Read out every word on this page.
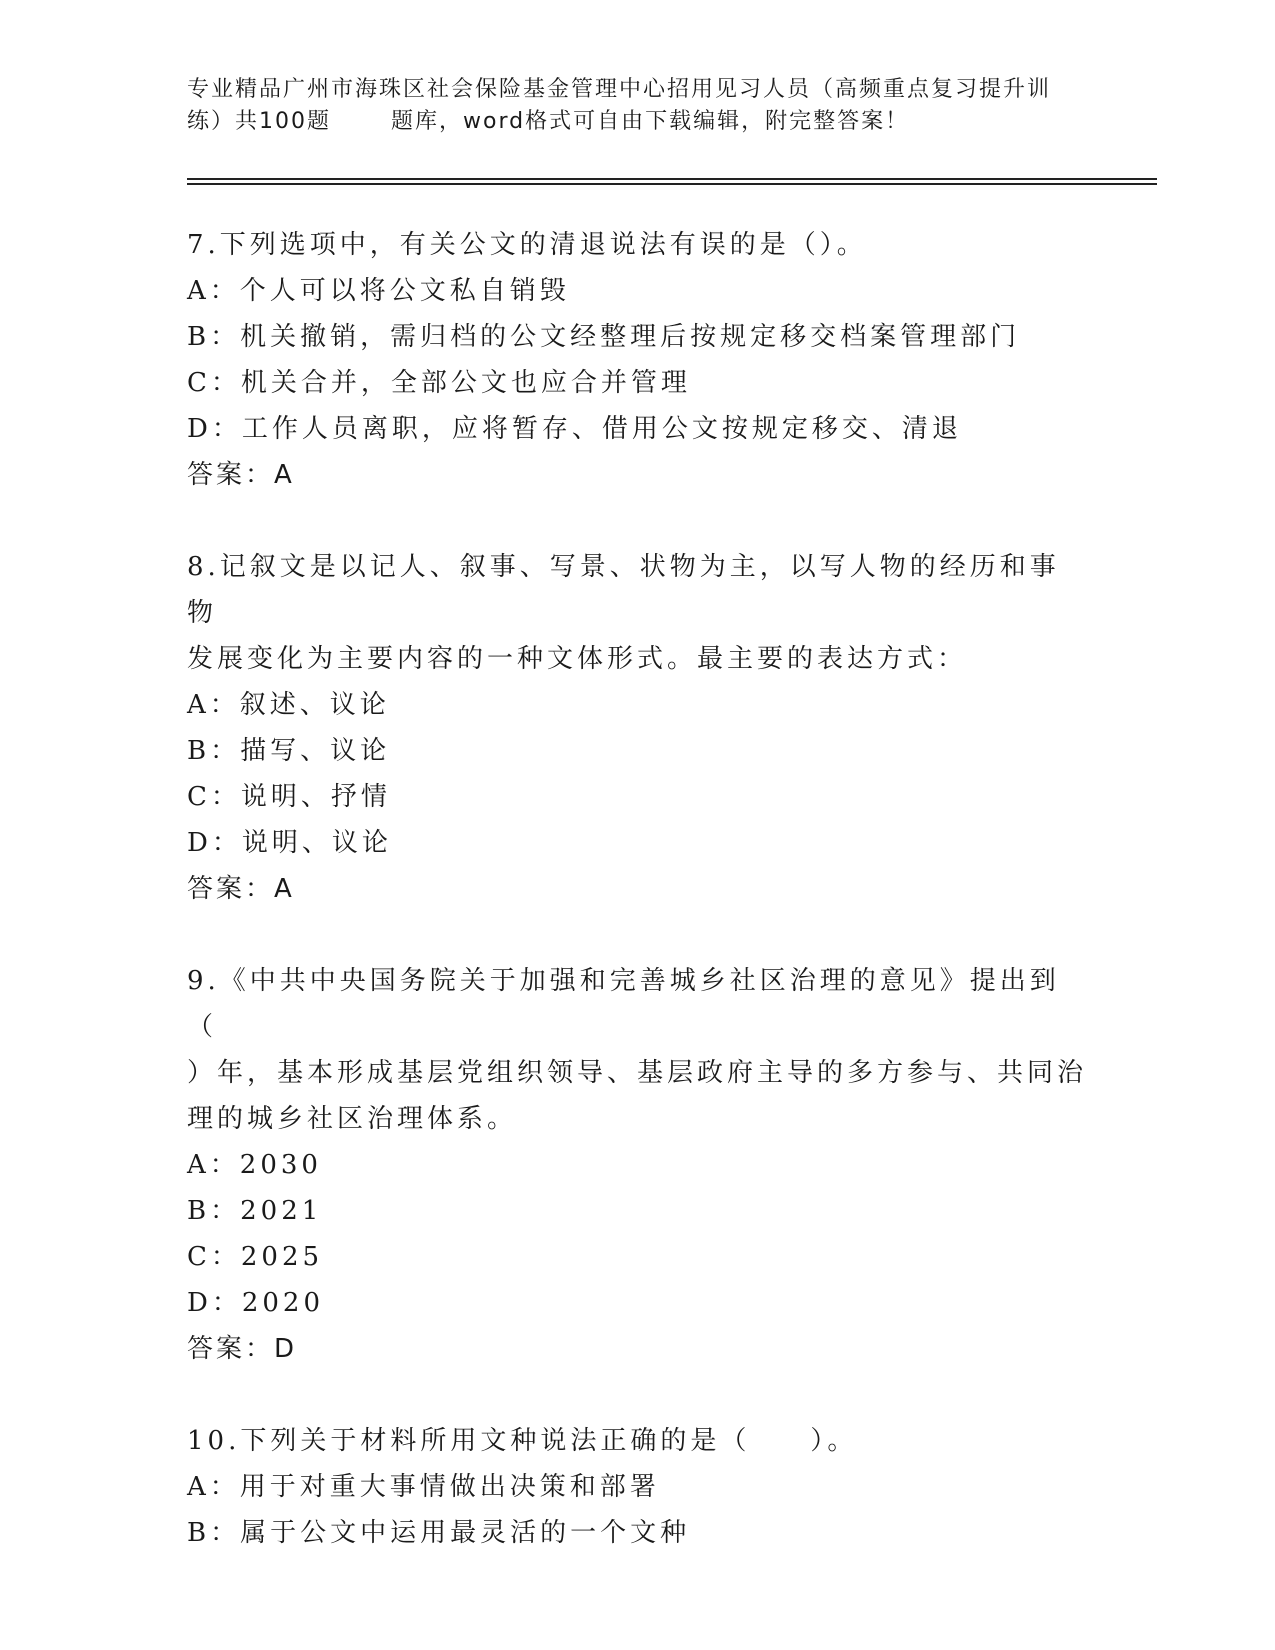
专业精品广州市海珠区社会保险基金管理中心招用见习人员（高频重点复习提升训
练）共100题	题库，word格式可自由下载编辑，附完整答案！
7.下列选项中，有关公文的清退说法有误的是（）。
A：个人可以将公文私自销毁
B：机关撤销，需归档的公文经整理后按规定移交档案管理部门
C：机关合并，全部公文也应合并管理
D：工作人员离职，应将暂存、借用公文按规定移交、清退
答案：A
8.记叙文是以记人、叙事、写景、状物为主，以写人物的经历和事物
发展变化为主要内容的一种文体形式。最主要的表达方式：
A：叙述、议论
B：描写、议论
C：说明、抒情
D：说明、议论
答案：A
9.《中共中央国务院关于加强和完善城乡社区治理的意见》提出到（
）年，基本形成基层党组织领导、基层政府主导的多方参与、共同治
理的城乡社区治理体系。
A：2030
B：2021
C：2025
D：2020
答案：D
10.下列关于材料所用文种说法正确的是（　　）。
A：用于对重大事情做出决策和部署
B：属于公文中运用最灵活的一个文种
